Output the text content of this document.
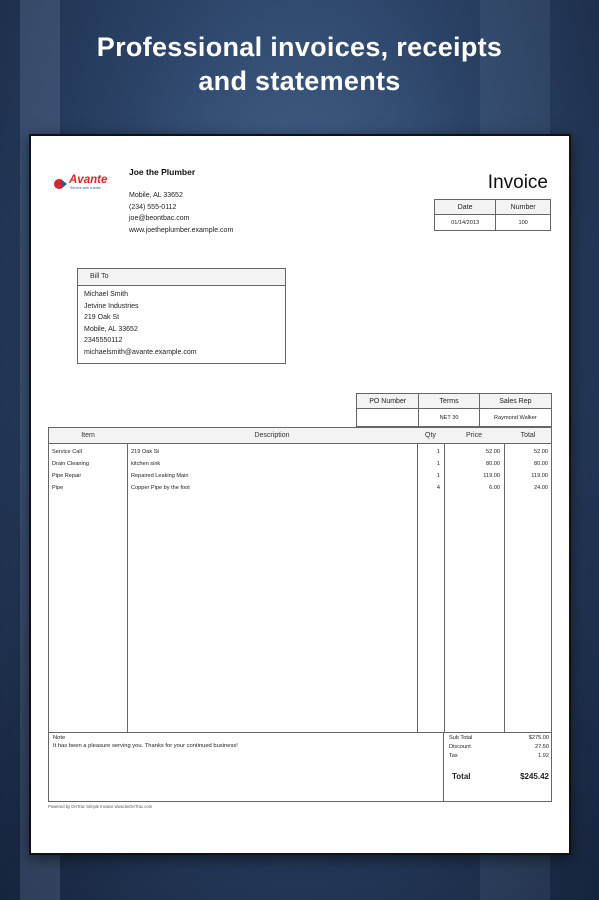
Professional invoices, receipts
and statements
Avante
Service with a smile
Joe the Plumber
Mobile, AL 33652
(234) 555-0112
joe@beontbac.com
www.joetheplumber.example.com
Invoice
Date	Number
01/14/2013	100
Bill To
Michael Smith
Jetvine Industries
219 Oak St
Mobile, AL 33652
2345550112
michaelsmith@avante.example.com
PO Number	Terms	Sales Rep
	NET 30	Raymond Walker
Item	Description	Qty	Price	Total
Service Call	219 Oak St	1	52.00	52.00
Drain Cleaning	kitchen sink	1	80.00	80.00
Pipe Repair	Repaired Leaking Main	1	119.00	119.00
Pipe	Copper Pipe by the foot	4	6.00	24.00
Note
It has been a pleasure serving you. Thanks for your continued business!
Sub Total	$275.00
Discount	27.50
Tax	1.92
Total	$245.42
Powered by OnTrac Simple Invoice www.beOnTrac.com
